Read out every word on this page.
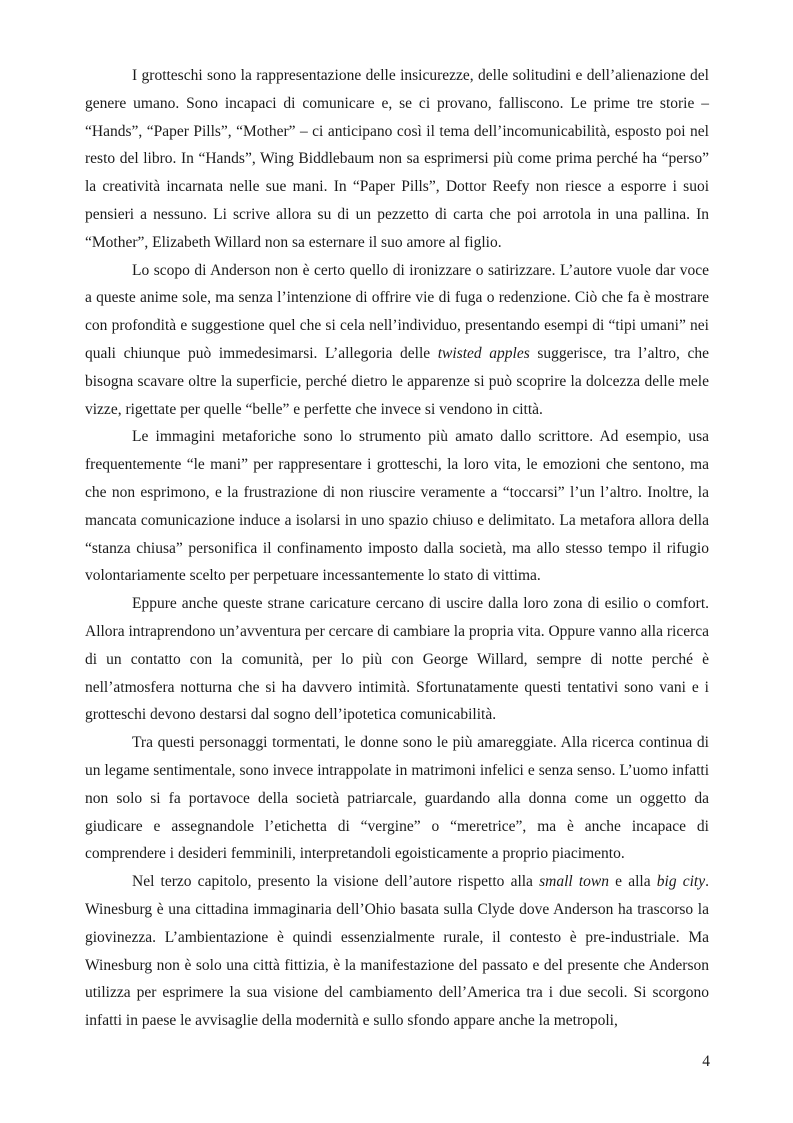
I grotteschi sono la rappresentazione delle insicurezze, delle solitudini e dell’alienazione del genere umano. Sono incapaci di comunicare e, se ci provano, falliscono. Le prime tre storie – “Hands”, “Paper Pills”, “Mother” – ci anticipano così il tema dell’incomunicabilità, esposto poi nel resto del libro. In “Hands”, Wing Biddlebaum non sa esprimersi più come prima perché ha “perso” la creatività incarnata nelle sue mani. In “Paper Pills”, Dottor Reefy non riesce a esporre i suoi pensieri a nessuno. Li scrive allora su di un pezzetto di carta che poi arrotola in una pallina. In “Mother”, Elizabeth Willard non sa esternare il suo amore al figlio.

Lo scopo di Anderson non è certo quello di ironizzare o satirizzare. L’autore vuole dar voce a queste anime sole, ma senza l’intenzione di offrire vie di fuga o redenzione. Ciò che fa è mostrare con profondità e suggestione quel che si cela nell’individuo, presentando esempi di “tipi umani” nei quali chiunque può immedesimarsi. L’allegoria delle twisted apples suggerisce, tra l’altro, che bisogna scavare oltre la superficie, perché dietro le apparenze si può scoprire la dolcezza delle mele vizze, rigettate per quelle “belle” e perfette che invece si vendono in città.

Le immagini metaforiche sono lo strumento più amato dallo scrittore. Ad esempio, usa frequentemente “le mani” per rappresentare i grotteschi, la loro vita, le emozioni che sentono, ma che non esprimono, e la frustrazione di non riuscire veramente a “toccarsi” l’un l’altro. Inoltre, la mancata comunicazione induce a isolarsi in uno spazio chiuso e delimitato. La metafora allora della “stanza chiusa” personifica il confinamento imposto dalla società, ma allo stesso tempo il rifugio volontariamente scelto per perpetuare incessantemente lo stato di vittima.

Eppure anche queste strane caricature cercano di uscire dalla loro zona di esilio o comfort. Allora intraprendono un’avventura per cercare di cambiare la propria vita. Oppure vanno alla ricerca di un contatto con la comunità, per lo più con George Willard, sempre di notte perché è nell’atmosfera notturna che si ha davvero intimità. Sfortunatamente questi tentativi sono vani e i grotteschi devono destarsi dal sogno dell’ipotetica comunicabilità.

Tra questi personaggi tormentati, le donne sono le più amareggiate. Alla ricerca continua di un legame sentimentale, sono invece intrappolate in matrimoni infelici e senza senso. L’uomo infatti non solo si fa portavoce della società patriarcale, guardando alla donna come un oggetto da giudicare e assegnandole l’etichetta di “vergine” o “meretrice”, ma è anche incapace di comprendere i desideri femminili, interpretandoli egoisticamente a proprio piacimento.

Nel terzo capitolo, presento la visione dell’autore rispetto alla small town e alla big city. Winesburg è una cittadina immaginaria dell’Ohio basata sulla Clyde dove Anderson ha trascorso la giovinezza. L’ambientazione è quindi essenzialmente rurale, il contesto è pre-industriale. Ma Winesburg non è solo una città fittizia, è la manifestazione del passato e del presente che Anderson utilizza per esprimere la sua visione del cambiamento dell’America tra i due secoli. Si scorgono infatti in paese le avvisaglie della modernità e sullo sfondo appare anche la metropoli,

4
